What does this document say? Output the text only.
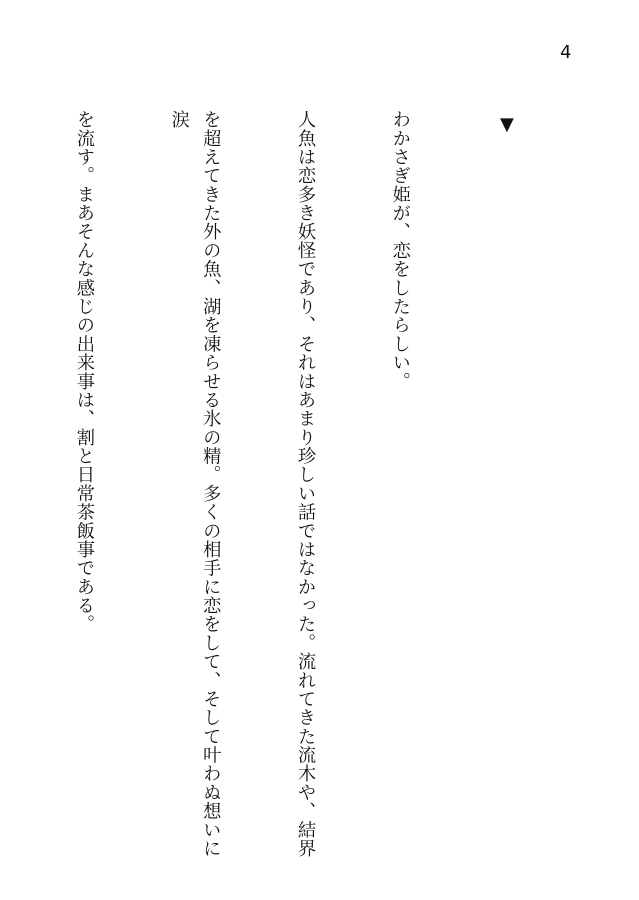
4
▼

わかさぎ姫が、恋をしたらしい。

人魚は恋多き妖怪であり、それはあまり珍しい話ではなかった。流れてきた流木や、結界

を超えてきた外の魚、湖を凍らせる氷の精。多くの相手に恋をして、そして叶わぬ想いに涙

を流す。まあそんな感じの出来事は、割と日常茶飯事である。
